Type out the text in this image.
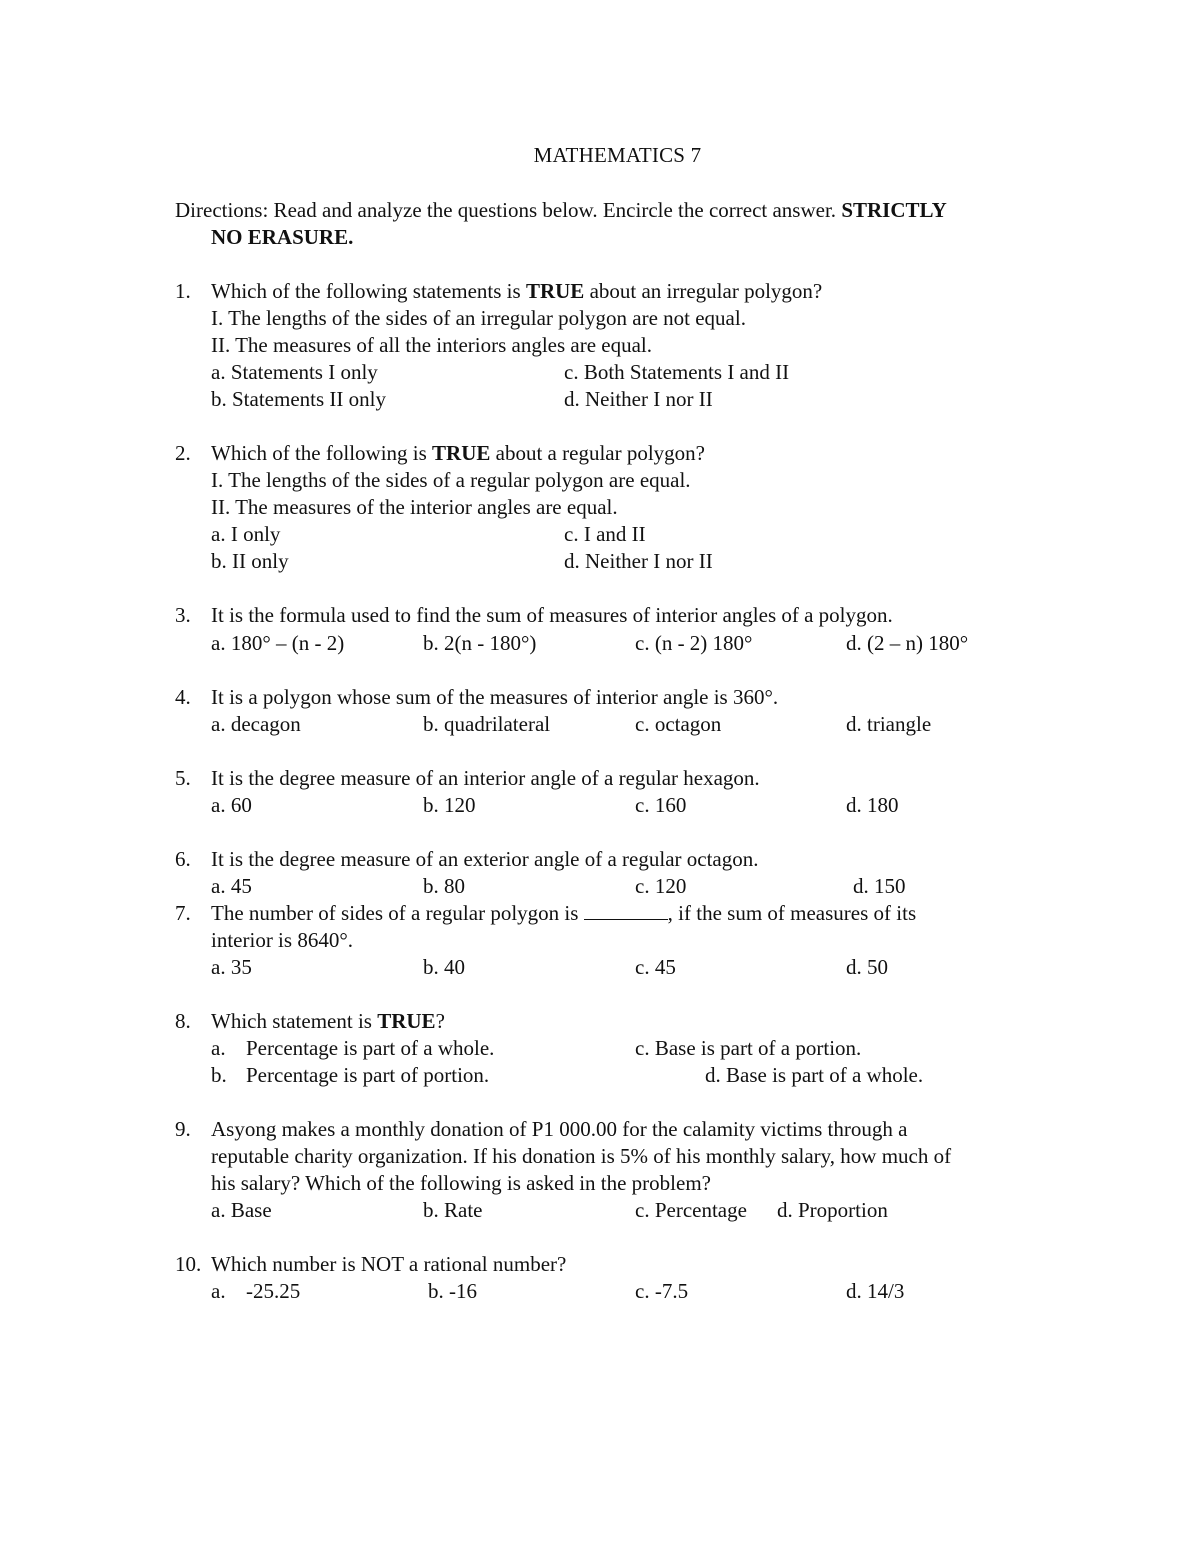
MATHEMATICS 7
Directions: Read and analyze the questions below. Encircle the correct answer. STRICTLY
NO ERASURE.
1. Which of the following statements is TRUE about an irregular polygon?
I. The lengths of the sides of an irregular polygon are not equal.
II. The measures of all the interiors angles are equal.
a. Statements I only	c. Both Statements I and II
b. Statements II only	d. Neither I nor II
2. Which of the following is TRUE about a regular polygon?
I. The lengths of the sides of a regular polygon are equal.
II. The measures of the interior angles are equal.
a. I only	c. I and II
b. II only	d. Neither I nor II
3. It is the formula used to find the sum of measures of interior angles of a polygon.
a. 180° – (n - 2)	b. 2(n - 180°)	c. (n - 2) 180°	d. (2 – n) 180°
4. It is a polygon whose sum of the measures of interior angle is 360°.
a. decagon	b. quadrilateral	c. octagon	d. triangle
5. It is the degree measure of an interior angle of a regular hexagon.
a. 60	b. 120	c. 160	d. 180
6. It is the degree measure of an exterior angle of a regular octagon.
a. 45	b. 80	c. 120	d. 150
7. The number of sides of a regular polygon is	, if the sum of measures of its
interior is 8640°.
a. 35	b. 40	c. 45	d. 50
8. Which statement is TRUE?
a. Percentage is part of a whole.	c. Base is part of a portion.
b. Percentage is part of portion.	d. Base is part of a whole.
9. Asyong makes a monthly donation of P1 000.00 for the calamity victims through a
reputable charity organization. If his donation is 5% of his monthly salary, how much of
his salary? Which of the following is asked in the problem?
a. Base	b. Rate	c. Percentage d. Proportion
10. Which number is NOT a rational number?
a. -25.25	b. -16	c. -7.5	d. 14/3
